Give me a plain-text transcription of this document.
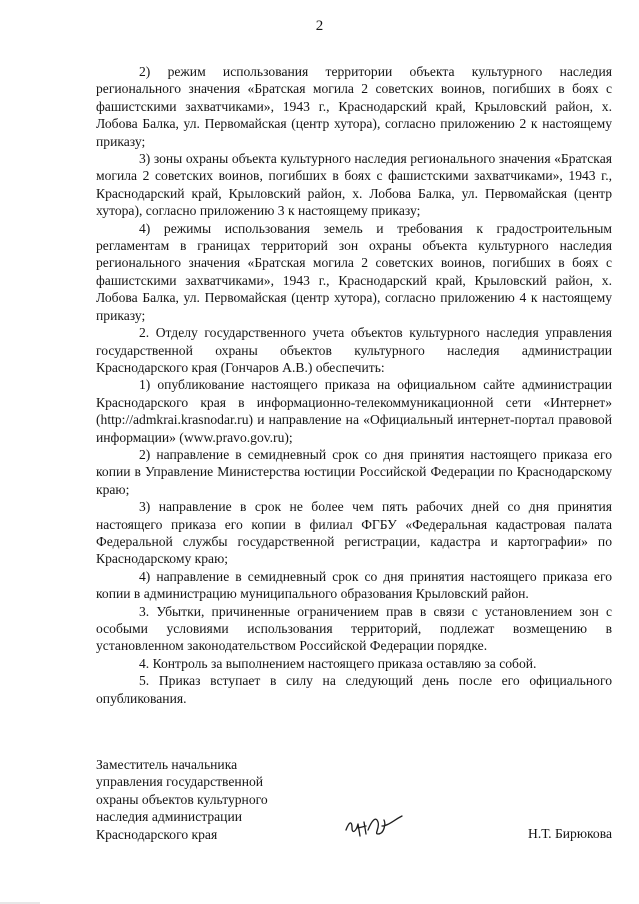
2

2) режим использования территории объекта культурного наследия регионального значения «Братская могила 2 советских воинов, погибших в боях с фашистскими захватчиками», 1943 г., Краснодарский край, Крыловский район, х. Лобова Балка, ул. Первомайская (центр хутора), согласно приложению 2 к настоящему приказу;

3) зоны охраны объекта культурного наследия регионального значения «Братская могила 2 советских воинов, погибших в боях с фашистскими захватчиками», 1943 г., Краснодарский край, Крыловский район, х. Лобова Балка, ул. Первомайская (центр хутора), согласно приложению 3 к настоящему приказу;

4) режимы использования земель и требования к градостроительным регламентам в границах территорий зон охраны объекта культурного наследия регионального значения «Братская могила 2 советских воинов, погибших в боях с фашистскими захватчиками», 1943 г., Краснодарский край, Крыловский район, х. Лобова Балка, ул. Первомайская (центр хутора), согласно приложению 4 к настоящему приказу;

2. Отделу государственного учета объектов культурного наследия управления государственной охраны объектов культурного наследия администрации Краснодарского края (Гончаров А.В.) обеспечить:

1) опубликование настоящего приказа на официальном сайте администрации Краснодарского края в информационно-телекоммуникационной сети «Интернет» (http://admkrai.krasnodar.ru) и направление на «Официальный интернет-портал правовой информации» (www.pravo.gov.ru);

2) направление в семидневный срок со дня принятия настоящего приказа его копии в Управление Министерства юстиции Российской Федерации по Краснодарскому краю;

3) направление в срок не более чем пять рабочих дней со дня принятия настоящего приказа его копии в филиал ФГБУ «Федеральная кадастровая палата Федеральной службы государственной регистрации, кадастра и картографии» по Краснодарскому краю;

4) направление в семидневный срок со дня принятия настоящего приказа его копии в администрацию муниципального образования Крыловский район.

3. Убытки, причиненные ограничением прав в связи с установлением зон с особыми условиями использования территорий, подлежат возмещению в установленном законодательством Российской Федерации порядке.

4. Контроль за выполнением настоящего приказа оставляю за собой.

5. Приказ вступает в силу на следующий день после его официального опубликования.

Заместитель начальника
управления государственной
охраны объектов культурного
наследия администрации
Краснодарского края	Н.Т. Бирюкова
